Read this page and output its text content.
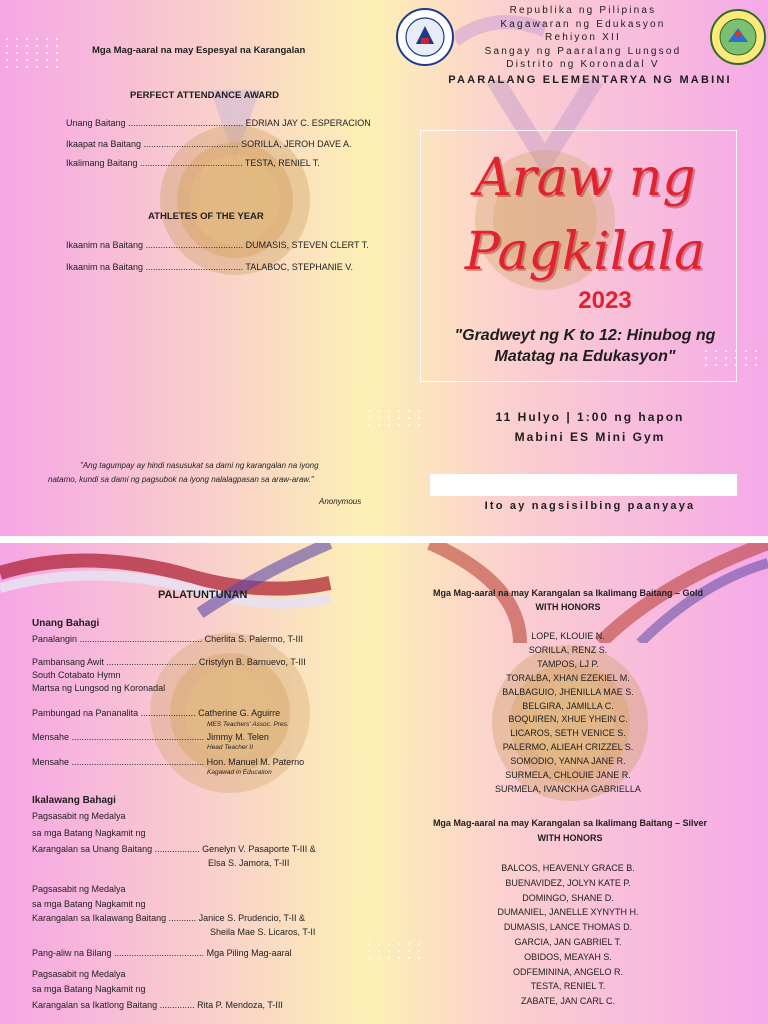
Mga Mag-aaral na may Espesyal na Karangalan
PERFECT ATTENDANCE AWARD
Unang Baitang .............................................. EDRIAN JAY C. ESPERACION
Ikaapat na Baitang ...................................... SORILLA, JEROH DAVE A.
Ikalimang Baitang ......................................... TESTA, RENIEL T.
ATHLETES OF THE YEAR
Ikaanim na Baitang ....................................... DUMASIS, STEVEN CLERT T.
Ikaanim na Baitang ....................................... TALABOC, STEPHANIE V.
"Ang tagumpay ay hindi nasusukat sa dami ng karangalan na iyong
natamo, kundi sa dami ng pagsubok na iyong nalalagpasan sa araw-araw."
Anonymous
Republika ng Pilipinas
Kagawaran ng Edukasyon
Rehiyon XII
Sangay ng Paaralang Lungsod
Distrito ng Koronadal V
PAARALANG ELEMENTARYA NG MABINI
Araw ng
Pagkilala
2023
"Gradweyt ng K to 12: Hinubog ng
Matatag na Edukasyon"
11 Hulyo | 1:00 ng hapon
Mabini ES Mini Gym
Ito ay nagsisilbing paanyaya
PALATUNTUNAN
Unang Bahagi
Panalangin ................................................. Cherlita S. Palermo, T-III
Pambansang Awit .................................... Cristylyn B. Barnuevo, T-III
South Cotabato Hymn
Martsa ng Lungsod ng Koronadal
Pambungad na Pananalita ...................... Catherine G. Aguirre
MES Teachers' Assoc. Pres.
Mensahe ..................................................... Jimmy M. Telen
Head Teacher II
Mensahe ..................................................... Hon. Manuel M. Paterno
Kagawad in Education
Ikalawang Bahagi
Pagsasabit ng Medalya
sa mga Batang Nagkamit ng
Karangalan sa Unang Baitang .................. Genelyn V. Pasaporte T-III &
Elsa S. Jamora, T-III
Pagsasabit ng Medalya
sa mga Batang Nagkamit ng
Karangalan sa Ikalawang Baitang ........... Janice S. Prudencio, T-II &
Sheila Mae S. Licaros, T-II
Pang-aliw na Bilang .................................... Mga Piling Mag-aaral
Pagsasabit ng Medalya
sa mga Batang Nagkamit ng
Karangalan sa Ikatlong Baitang .............. Rita P. Mendoza, T-III
Mga Mag-aaral na may Karangalan sa Ikalimang Baitang – Gold
WITH HONORS
LOPE, KLOUIE N.
SORILLA, RENZ S.
TAMPOS, LJ P.
TORALBA, XHAN EZEKIEL M.
BALBAGUIO, JHENILLA MAE S.
BELGIRA, JAMILLA C.
BOQUIREN, XHUE YHEIN C.
LICAROS, SETH VENICE S.
PALERMO, ALIEAH CRIZZEL S.
SOMODIO, YANNA JANE R.
SURMELA, CHLOUIE JANE R.
SURMELA, IVANCKHA GABRIELLA
Mga Mag-aaral na may Karangalan sa Ikalimang Baitang – Silver
WITH HONORS
BALCOS, HEAVENLY GRACE B.
BUENAVIDEZ, JOLYN KATE P.
DOMINGO, SHANE D.
DUMANIEL, JANELLE XYNYTH H.
DUMASIS, LANCE THOMAS D.
GARCIA, JAN GABRIEL T.
OBIDOS, MEAYAH S.
ODFEMININA, ANGELO R.
TESTA, RENIEL T.
ZABATE, JAN CARL C.
